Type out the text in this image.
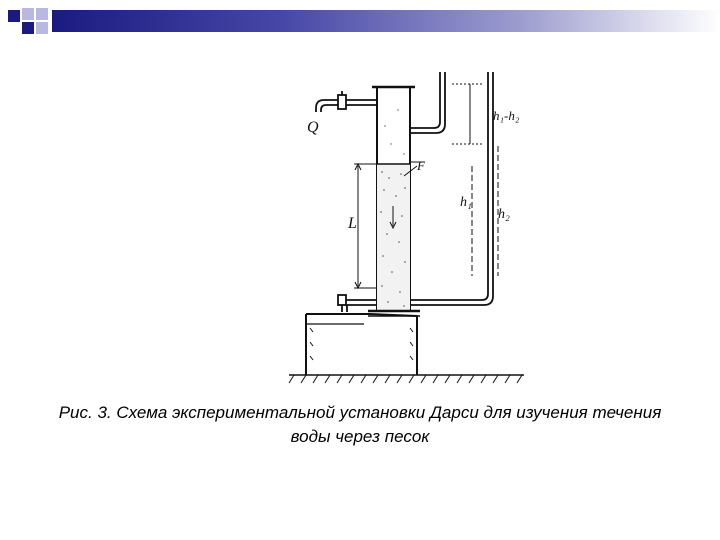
Q
F
L
h₁
h₂
h₁-h₂
Рис. 3. Схема экспериментальной установки Дарси для изучения течения
воды через песок
